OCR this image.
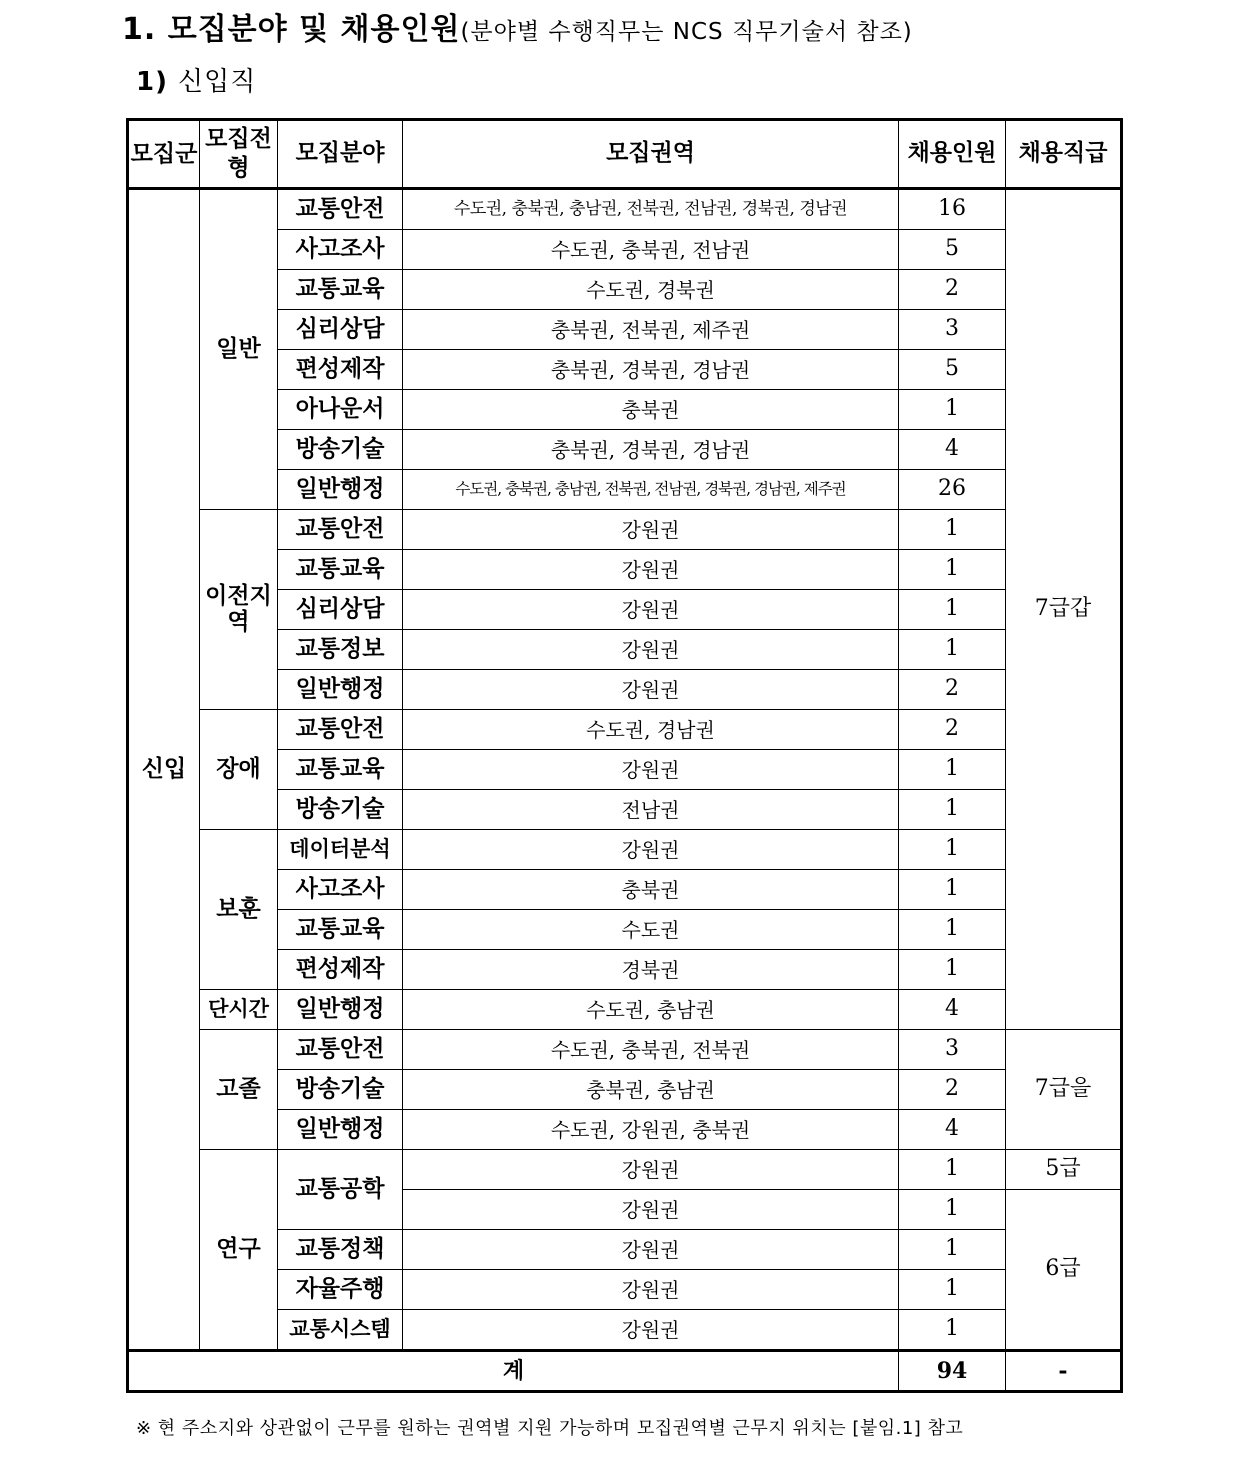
1. 모집분야 및 채용인원(분야별 수행직무는 NCS 직무기술서 참조)
1) 신입직
모집군	모집전형	모집분야	모집권역	채용인원	채용직급
신입	일반	교통안전	수도권, 충북권, 충남권, 전북권, 전남권, 경북권, 경남권	16	7급갑
		사고조사	수도권, 충북권, 전남권	5	
		교통교육	수도권, 경북권	2	
		심리상담	충북권, 전북권, 제주권	3	
		편성제작	충북권, 경북권, 경남권	5	
		아나운서	충북권	1	
		방송기술	충북권, 경북권, 경남권	4	
		일반행정	수도권, 충북권, 충남권, 전북권, 전남권, 경북권, 경남권, 제주권	26	
	이전지역	교통안전	강원권	1	
		교통교육	강원권	1	
		심리상담	강원권	1	
		교통정보	강원권	1	
		일반행정	강원권	2	
	장애	교통안전	수도권, 경남권	2	
		교통교육	강원권	1	
		방송기술	전남권	1	
	보훈	데이터분석	강원권	1	
		사고조사	충북권	1	
		교통교육	수도권	1	
		편성제작	경북권	1	
	단시간	일반행정	수도권, 충남권	4	
	고졸	교통안전	수도권, 충북권, 전북권	3	7급을
		방송기술	충북권, 충남권	2	
		일반행정	수도권, 강원권, 충북권	4	
	연구	교통공학	강원권	1	5급
			강원권	1	6급
		교통정책	강원권	1	
		자율주행	강원권	1	
		교통시스템	강원권	1	
계				94	-
※ 현 주소지와 상관없이 근무를 원하는 권역별 지원 가능하며 모집권역별 근무지 위치는 [붙임.1] 참고
